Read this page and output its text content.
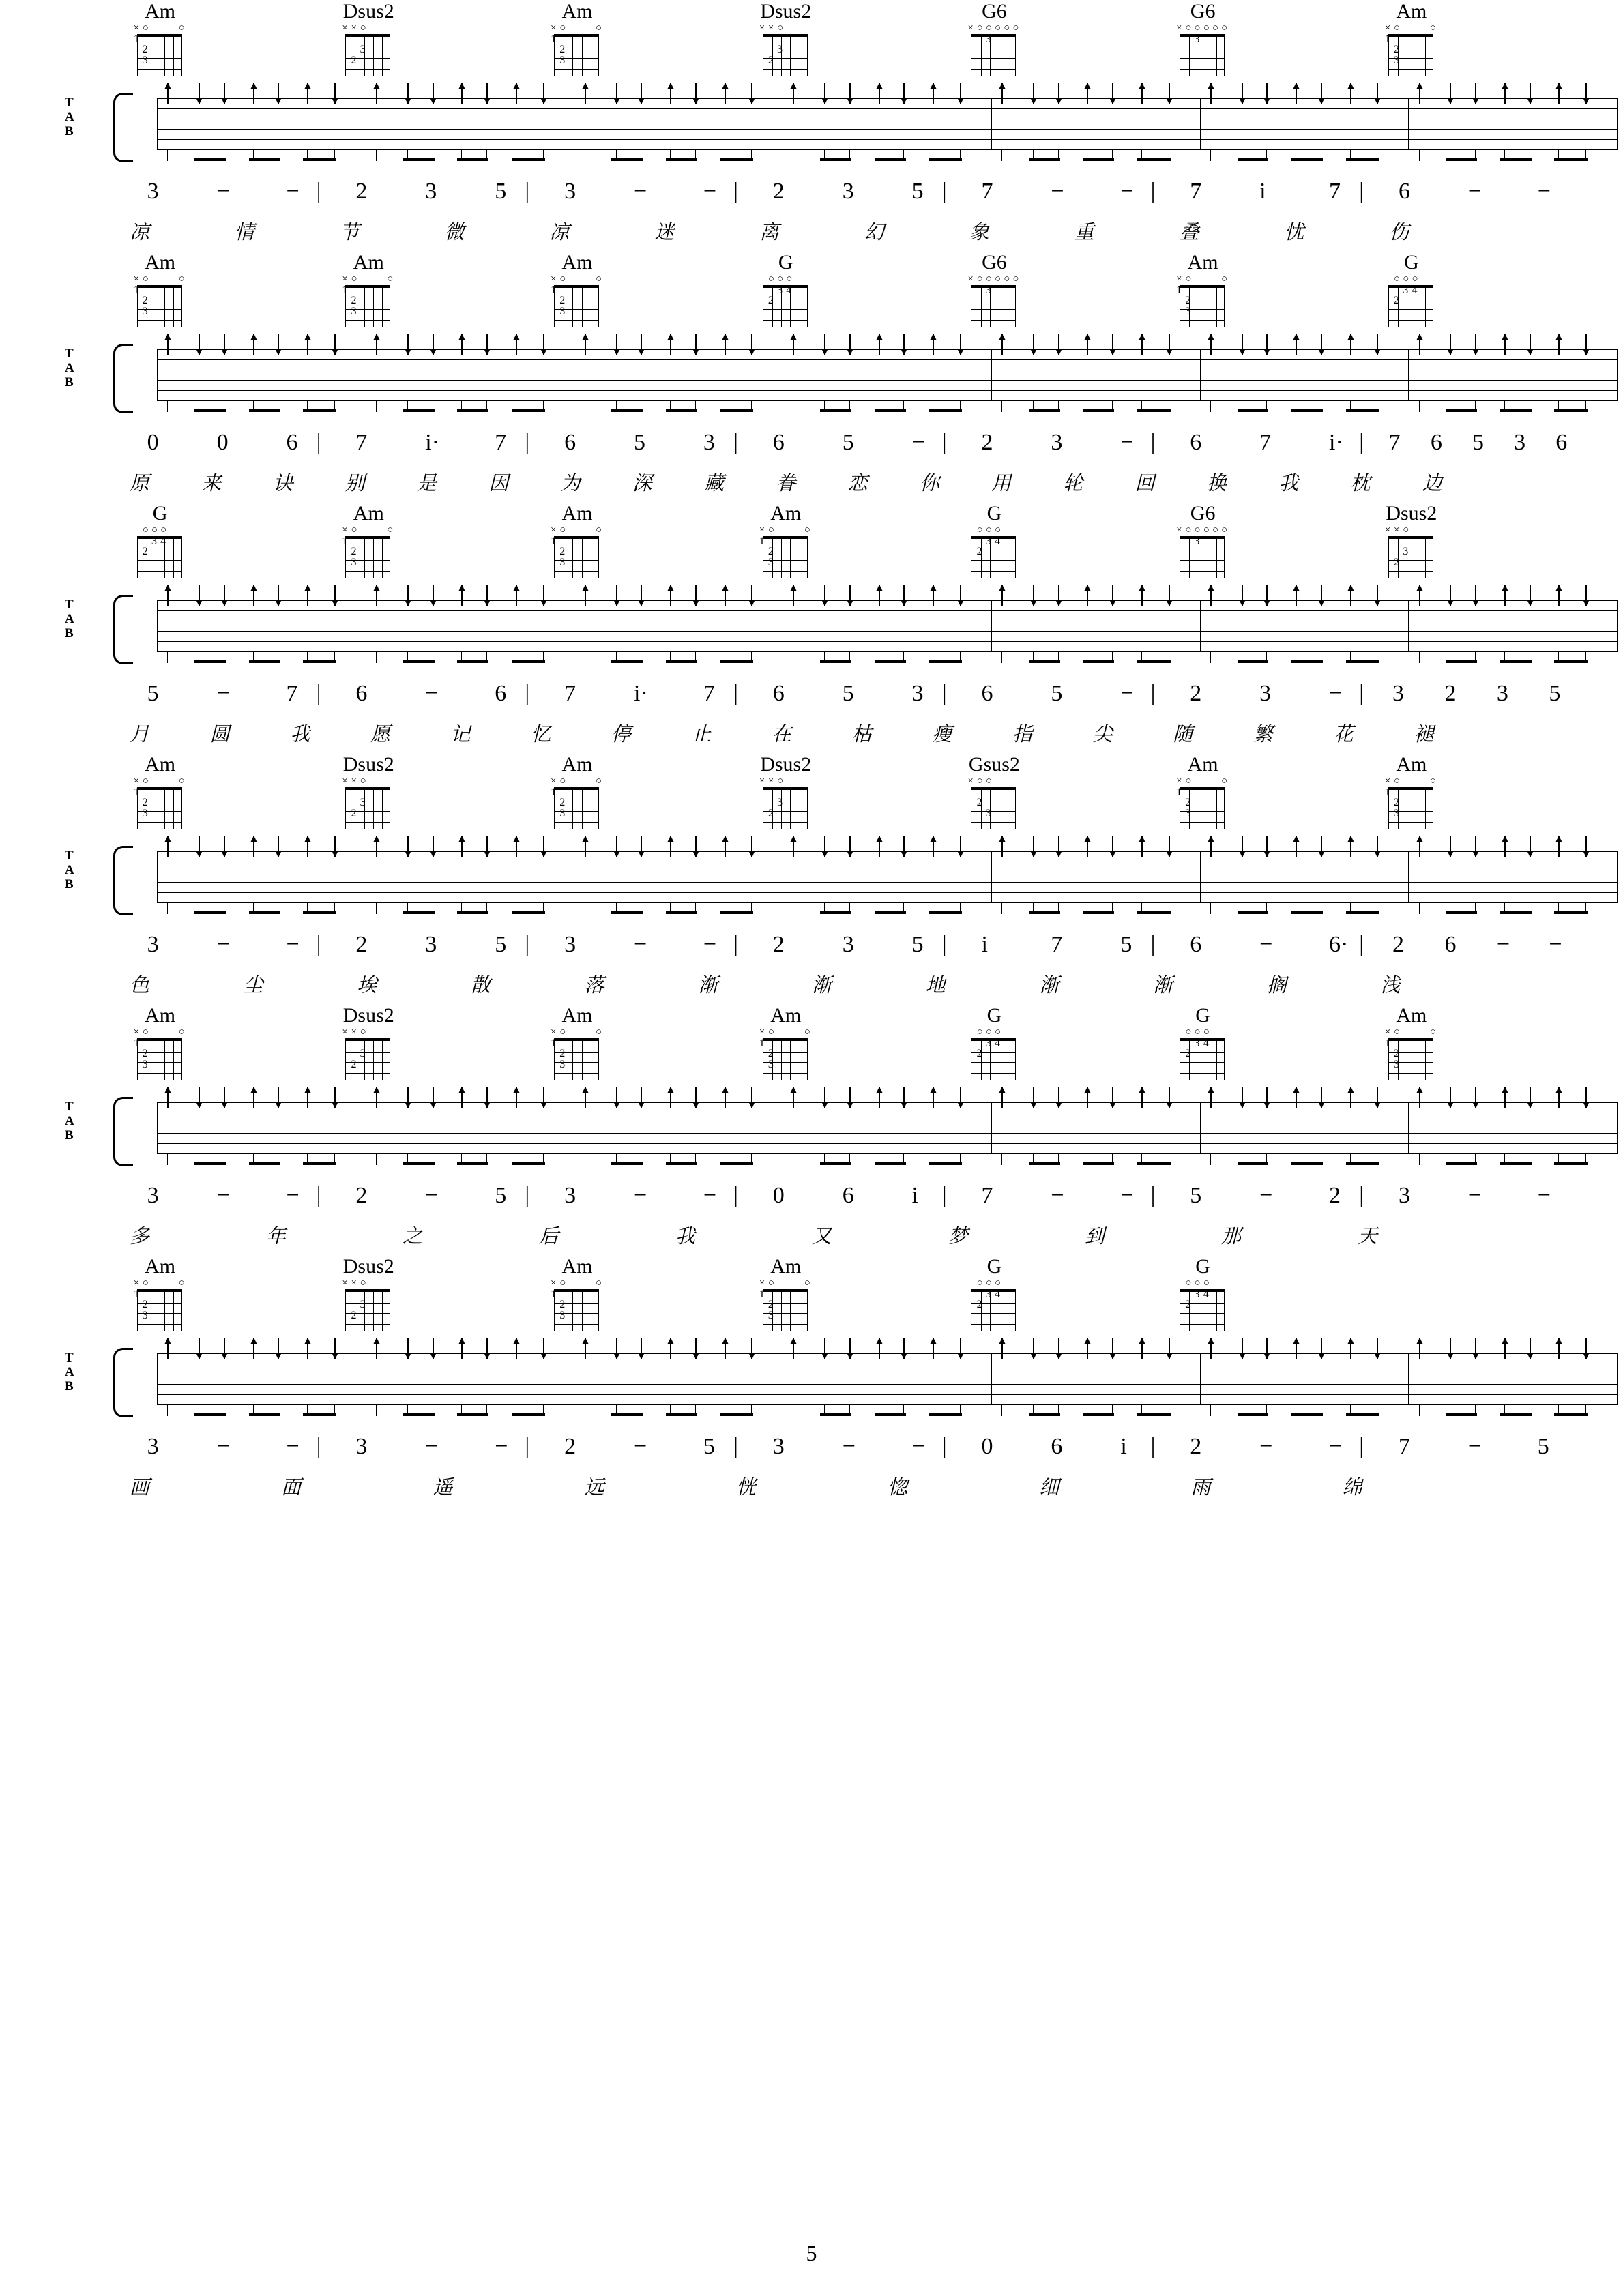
Am
× ○	○
2
3
1
Dsus2
× × ○
2
3
Am
× ○	○
2
3
1
Dsus2
× × ○
2
3
G6
× ○ ○ ○ ○ ○
3
G6
× ○ ○ ○ ○ ○
3
Am
× ○	○
2
3
1
T
A
B
3 − − | 2 3 5 | 3 − − | 2 3 5 | 7 − − | 7 i	7 | 6 − −
凉	情	节	微	凉	迷	离	幻	象	重	叠	忧	伤
Am
× ○	○
2
3
1
Am
× ○	○
2
3
1
Am
× ○	○
2
3
1
G
○ ○ ○
2
3 4
G6
× ○ ○ ○ ○ ○
3
Am
× ○	○
2
3
1
G
○ ○ ○
2
3 4
T
A
B
0 0 6 | 7 i· 7 | 6 5 3 | 6 5 − | 2 3 − | 6 7 i· | 7 6 5 3 6
原	来	诀	别	是	因	为	深	藏	眷	恋	你	用	轮	回	换	我	枕	边
G
○ ○ ○
2
3 4
Am
× ○	○
2
3
1
Am
× ○	○
2
3
1
Am
× ○	○
2
3
1
G
○ ○ ○
2
3 4
G6
× ○ ○ ○ ○ ○
3
Dsus2
× × ○
2
3
T
A
B
5 − 7 | 6 − 6 | 7 i· 7 | 6 5 3 | 6 5 − | 2 3 − | 3 2 3 5
月	圆	我	愿	记	忆	停	止	在	枯	瘦	指	尖	随	繁	花	褪
Am
× ○	○
2
3
1
Dsus2
× × ○
2
3
Am
× ○	○
2
3
1
Dsus2
× × ○
2
3
Gsus2
× ○ ○
2
3
Am
× ○	○
2
3
1
Am
× ○	○
2
3
1
T
A
B
3 − − | 2 3 5 | 3 − − | 2 3 5 | i	7 5 | 6 − 6· | 2 6 − −
色	尘	埃	散	落	渐	渐	地	渐	渐	搁	浅
Am
× ○	○
2
3
1
Dsus2
× × ○
2
3
Am
× ○	○
2
3
1
Am
× ○	○
2
3
1
G
○ ○ ○
2
3 4
G
○ ○ ○
2
3 4
Am
× ○	○
2
3
1
T
A
B
3 − − | 2 − 5 | 3 − − | 0 6 i | 7 − − | 5 − 2 | 3 − −
多	年	之	后	我	又	梦	到	那	天
Am
× ○	○
2
3
1
Dsus2
× × ○
2
3
Am
× ○	○
2
3
1
Am
× ○	○
2
3
1
G
○ ○ ○
2
3 4
G
○ ○ ○
2
3 4
T
A
B
3 − − | 3 − − | 2 − 5 | 3 − − | 0 6 i | 2 − − | 7 − 5
画	面	遥	远	恍	惚	细	雨	绵
5
